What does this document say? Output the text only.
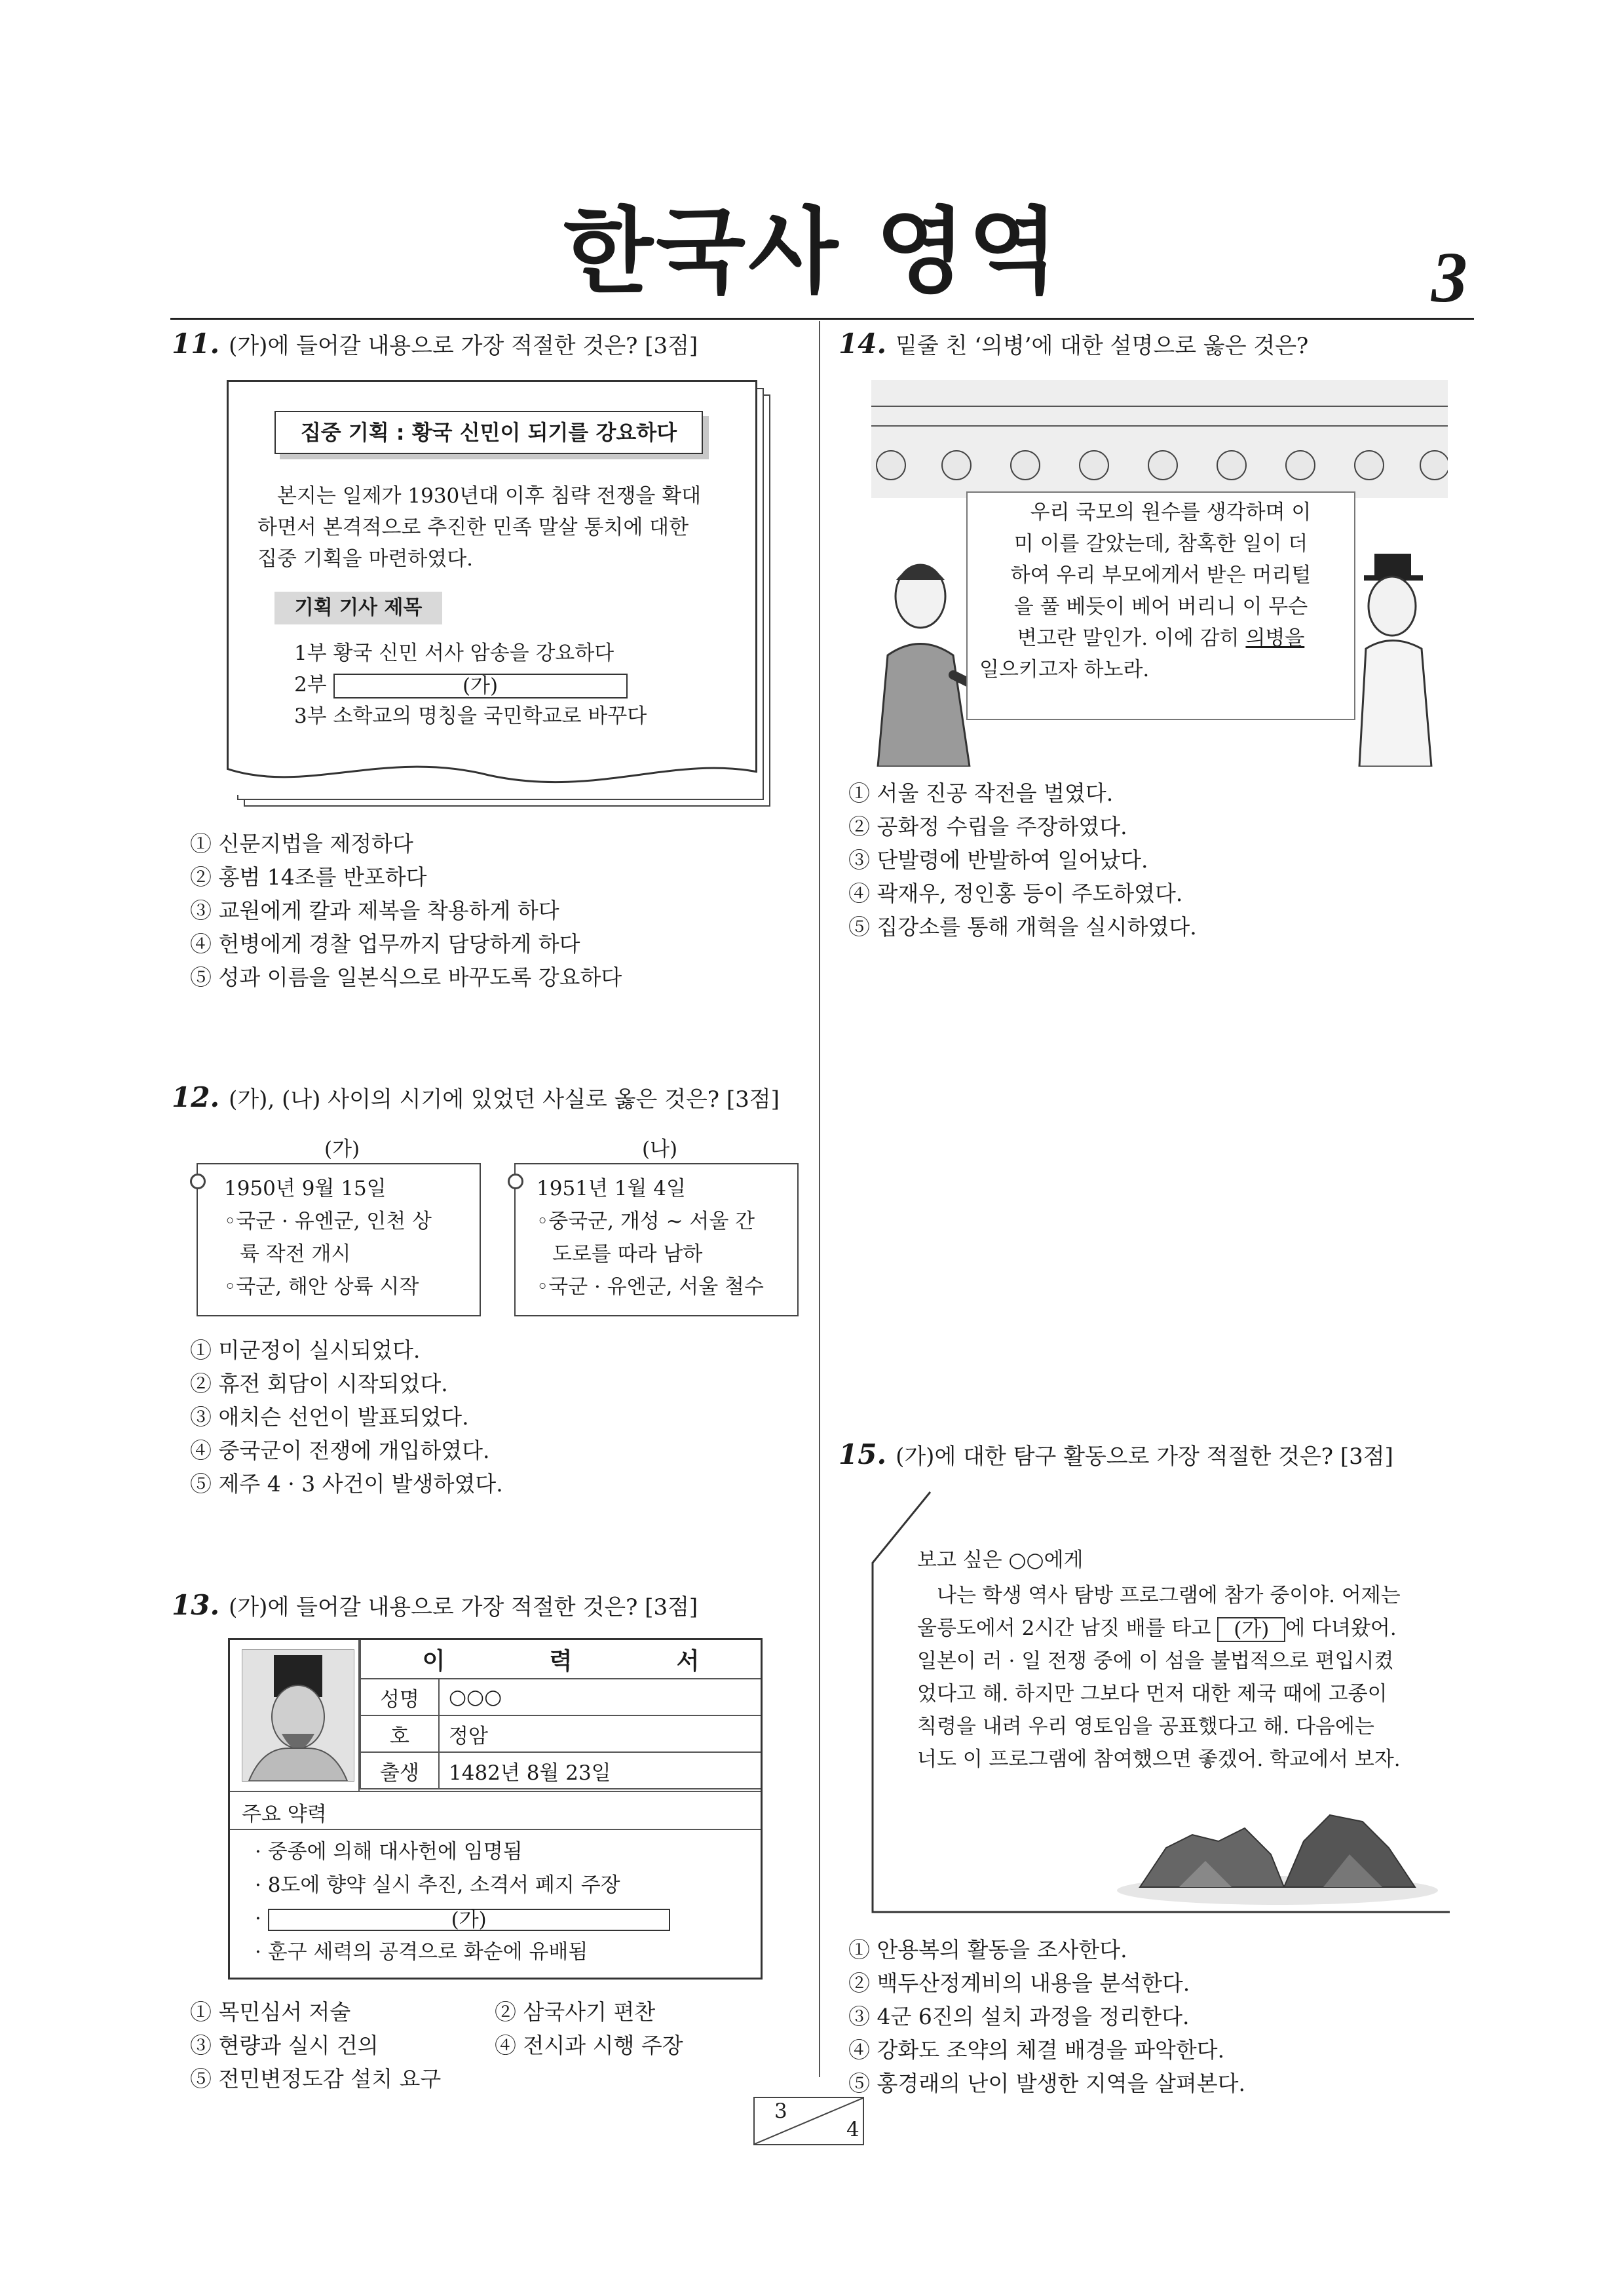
한국사 영역	3
11. (가)에 들어갈 내용으로 가장 적절한 것은? [3점]
집중 기획 : 황국 신민이 되기를 강요하다
본지는 일제가 1930년대 이후 침략 전쟁을 확대
하면서 본격적으로 추진한 민족 말살 통치에 대한
집중 기획을 마련하였다.
기획 기사 제목
1부 황국 신민 서사 암송을 강요하다
2부	(가)
3부 소학교의 명칭을 국민학교로 바꾸다
① 신문지법을 제정하다
② 홍범 14조를 반포하다
③ 교원에게 칼과 제복을 착용하게 하다
④ 헌병에게 경찰 업무까지 담당하게 하다
⑤ 성과 이름을 일본식으로 바꾸도록 강요하다
12. (가), (나) 사이의 시기에 있었던 사실로 옳은 것은? [3점]
(가)	(나)
1950년 9월 15일
◦국군 · 유엔군, 인천 상
륙 작전 개시
◦국군, 해안 상륙 시작
1951년 1월 4일
◦중국군, 개성 ~ 서울 간
도로를 따라 남하
◦국군 · 유엔군, 서울 철수
① 미군정이 실시되었다.
② 휴전 회담이 시작되었다.
③ 애치슨 선언이 발표되었다.
④ 중국군이 전쟁에 개입하였다.
⑤ 제주 4 · 3 사건이 발생하였다.
13. (가)에 들어갈 내용으로 가장 적절한 것은? [3점]
이 력 서	

성명	○○○
호	정암
출생	1482년 8월 23일
주요 약력
· 중종에 의해 대사헌에 임명됨
· 8도에 향약 실시 추진, 소격서 폐지 주장
·	(가)
· 훈구 세력의 공격으로 화순에 유배됨
① 목민심서 저술
③ 현량과 실시 건의
⑤ 전민변정도감 설치 요구
② 삼국사기 편찬
④ 전시과 시행 주장
14. 밑줄 친 ‘의병’에 대한 설명으로 옳은 것은?
우리 국모의 원수를 생각하며 이
미 이를 갈았는데, 참혹한 일이 더
하여 우리 부모에게서 받은 머리털
을 풀 베듯이 베어 버리니 이 무슨
변고란 말인가. 이에 감히 의병을
일으키고자 하노라.
① 서울 진공 작전을 벌였다.
② 공화정 수립을 주장하였다.
③ 단발령에 반발하여 일어났다.
④ 곽재우, 정인홍 등이 주도하였다.
⑤ 집강소를 통해 개혁을 실시하였다.
15. (가)에 대한 탐구 활동으로 가장 적절한 것은? [3점]
보고 싶은 ○○에게
나는 학생 역사 탐방 프로그램에 참가 중이야. 어제는
울릉도에서 2시간 남짓 배를 타고 (가) 에 다녀왔어.
일본이 러 · 일 전쟁 중에 이 섬을 불법적으로 편입시켰
었다고 해. 하지만 그보다 먼저 대한 제국 때에 고종이
칙령을 내려 우리 영토임을 공표했다고 해. 다음에는
너도 이 프로그램에 참여했으면 좋겠어. 학교에서 보자.
① 안용복의 활동을 조사한다.
② 백두산정계비의 내용을 분석한다.
③ 4군 6진의 설치 과정을 정리한다.
④ 강화도 조약의 체결 배경을 파악한다.
⑤ 홍경래의 난이 발생한 지역을 살펴본다.
3
4
